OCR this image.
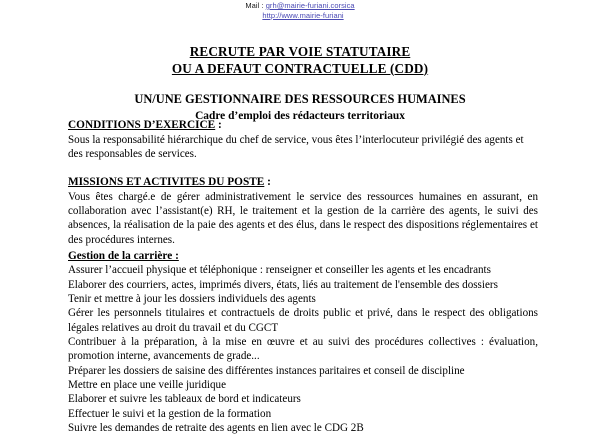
Mail : grh@mairie-furiani.corsica
http://www.mairie-furiani
RECRUTE PAR VOIE STATUTAIRE
OU A DEFAUT CONTRACTUELLE (CDD)
UN/UNE GESTIONNAIRE DES RESSOURCES HUMAINES
Cadre d’emploi des rédacteurs territoriaux
CONDITIONS D’EXERCICE :

Sous la responsabilité hiérarchique du chef de service, vous êtes l’interlocuteur privilégié des agents et des responsables de services.

MISSIONS ET ACTIVITES DU POSTE :

Vous êtes chargé.e de gérer administrativement le service des ressources humaines en assurant, en collaboration avec l’assistant(e) RH, le traitement et la gestion de la carrière des agents, le suivi des absences, la réalisation de la paie des agents et des élus, dans le respect des dispositions réglementaires et des procédures internes.

Gestion de la carrière :
Assurer l’accueil physique et téléphonique : renseigner et conseiller les agents et les encadrants
Elaborer des courriers, actes, imprimés divers, états, liés au traitement de l'ensemble des dossiers
Tenir et mettre à jour les dossiers individuels des agents
Gérer les personnels titulaires et contractuels de droits public et privé, dans le respect des obligations légales relatives au droit du travail et du CGCT
Contribuer à la préparation, à la mise en œuvre et au suivi des procédures collectives : évaluation, promotion interne, avancements de grade...
Préparer les dossiers de saisine des différentes instances paritaires et conseil de discipline
Mettre en place une veille juridique
Elaborer et suivre les tableaux de bord et indicateurs
Effectuer le suivi et la gestion de la formation
Suivre les demandes de retraite des agents en lien avec le CDG 2B
